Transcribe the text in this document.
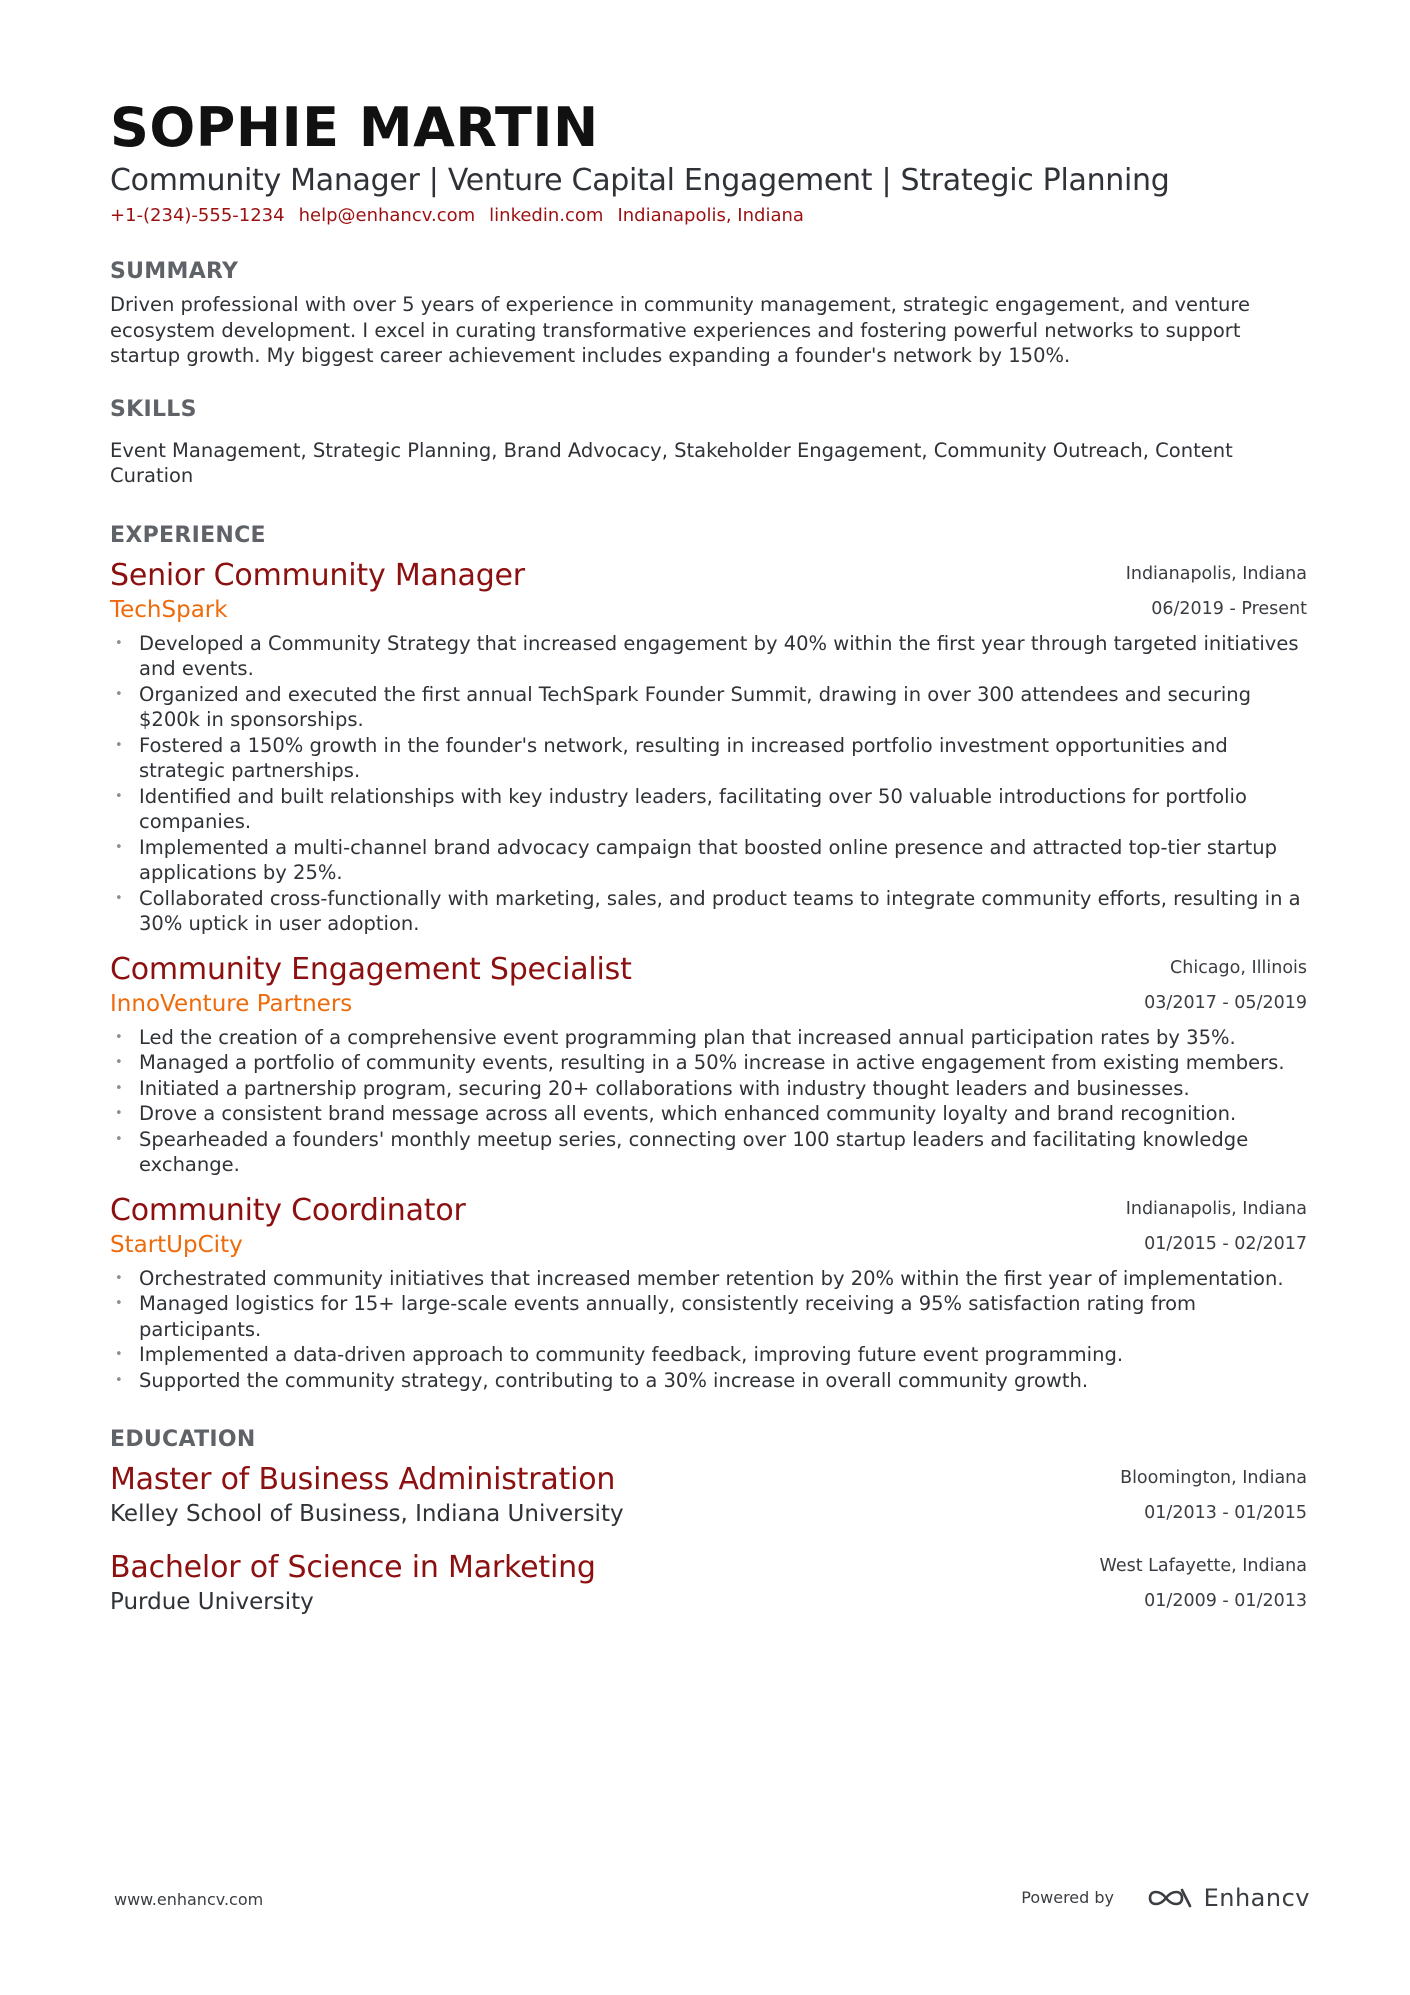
SOPHIE MARTIN
Community Manager | Venture Capital Engagement | Strategic Planning
+1-(234)-555-1234 help@enhancv.com linkedin.com Indianapolis, Indiana
SUMMARY
Driven professional with over 5 years of experience in community management, strategic engagement, and venture ecosystem development. I excel in curating transformative experiences and fostering powerful networks to support startup growth. My biggest career achievement includes expanding a founder's network by 150%.
SKILLS
Event Management, Strategic Planning, Brand Advocacy, Stakeholder Engagement, Community Outreach, Content Curation
EXPERIENCE
Senior Community Manager
TechSpark
Indianapolis, Indiana
06/2019 - Present
• Developed a Community Strategy that increased engagement by 40% within the first year through targeted initiatives and events.
• Organized and executed the first annual TechSpark Founder Summit, drawing in over 300 attendees and securing $200k in sponsorships.
• Fostered a 150% growth in the founder's network, resulting in increased portfolio investment opportunities and strategic partnerships.
• Identified and built relationships with key industry leaders, facilitating over 50 valuable introductions for portfolio companies.
• Implemented a multi-channel brand advocacy campaign that boosted online presence and attracted top-tier startup applications by 25%.
• Collaborated cross-functionally with marketing, sales, and product teams to integrate community efforts, resulting in a 30% uptick in user adoption.
Community Engagement Specialist
InnoVenture Partners
Chicago, Illinois
03/2017 - 05/2019
• Led the creation of a comprehensive event programming plan that increased annual participation rates by 35%.
• Managed a portfolio of community events, resulting in a 50% increase in active engagement from existing members.
• Initiated a partnership program, securing 20+ collaborations with industry thought leaders and businesses.
• Drove a consistent brand message across all events, which enhanced community loyalty and brand recognition.
• Spearheaded a founders' monthly meetup series, connecting over 100 startup leaders and facilitating knowledge exchange.
Community Coordinator
StartUpCity
Indianapolis, Indiana
01/2015 - 02/2017
• Orchestrated community initiatives that increased member retention by 20% within the first year of implementation.
• Managed logistics for 15+ large-scale events annually, consistently receiving a 95% satisfaction rating from participants.
• Implemented a data-driven approach to community feedback, improving future event programming.
• Supported the community strategy, contributing to a 30% increase in overall community growth.
EDUCATION
Master of Business Administration
Kelley School of Business, Indiana University
Bloomington, Indiana
01/2013 - 01/2015
Bachelor of Science in Marketing
Purdue University
West Lafayette, Indiana
01/2009 - 01/2013
www.enhancv.com	Powered by	Enhancv
